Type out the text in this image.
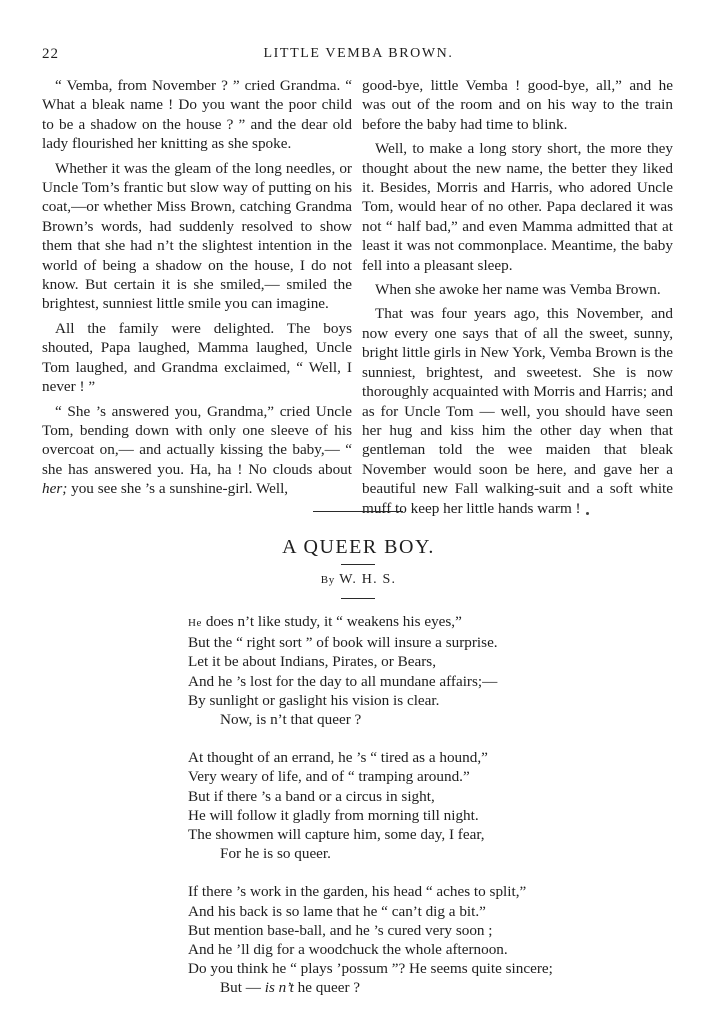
22	LITTLE VEMBA BROWN.

“ Vemba, from November ? ” cried Grandma. “ What a bleak name ! Do you want the poor child to be a shadow on the house ? ” and the dear old lady flourished her knitting as she spoke.

Whether it was the gleam of the long needles, or Uncle Tom’s frantic but slow way of putting on his coat,—or whether Miss Brown, catching Grandma Brown’s words, had suddenly resolved to show them that she had n’t the slightest intention in the world of being a shadow on the house, I do not know. But certain it is she smiled,— smiled the brightest, sunniest little smile you can imagine.

All the family were delighted. The boys shouted, Papa laughed, Mamma laughed, Uncle Tom laughed, and Grandma exclaimed, “ Well, I never ! ”

“ She ’s answered you, Grandma,” cried Uncle Tom, bending down with only one sleeve of his overcoat on,— and actually kissing the baby,— “ she has answered you. Ha, ha ! No clouds about her; you see she ’s a sunshine-girl. Well,

good-bye, little Vemba ! good-bye, all,” and he was out of the room and on his way to the train before the baby had time to blink.

Well, to make a long story short, the more they thought about the new name, the better they liked it. Besides, Morris and Harris, who adored Uncle Tom, would hear of no other. Papa declared it was not “ half bad,” and even Mamma admitted that at least it was not commonplace. Meantime, the baby fell into a pleasant sleep.

When she awoke her name was Vemba Brown.

That was four years ago, this November, and now every one says that of all the sweet, sunny, bright little girls in New York, Vemba Brown is the sunniest, brightest, and sweetest. She is now thoroughly acquainted with Morris and Harris; and as for Uncle Tom — well, you should have seen her hug and kiss him the other day when that gentleman told the wee maiden that bleak November would soon be here, and gave her a beautiful new Fall walking-suit and a soft white muff to keep her little hands warm !

A QUEER BOY.
By W. H. S.
He does n’t like study, it “ weakens his eyes,”
But the “ right sort ” of book will insure a surprise.
Let it be about Indians, Pirates, or Bears,
And he ’s lost for the day to all mundane affairs;—
By sunlight or gaslight his vision is clear.
Now, is n’t that queer ?
At thought of an errand, he ’s “ tired as a hound,”
Very weary of life, and of “ tramping around.”
But if there ’s a band or a circus in sight,
He will follow it gladly from morning till night.
The showmen will capture him, some day, I fear,
For he is so queer.
If there ’s work in the garden, his head “ aches to split,”
And his back is so lame that he “ can’t dig a bit.”
But mention base-ball, and he ’s cured very soon ;
And he ’ll dig for a woodchuck the whole afternoon.
Do you think he “ plays ’possum ”? He seems quite sincere;
But — is n’t he queer ?
